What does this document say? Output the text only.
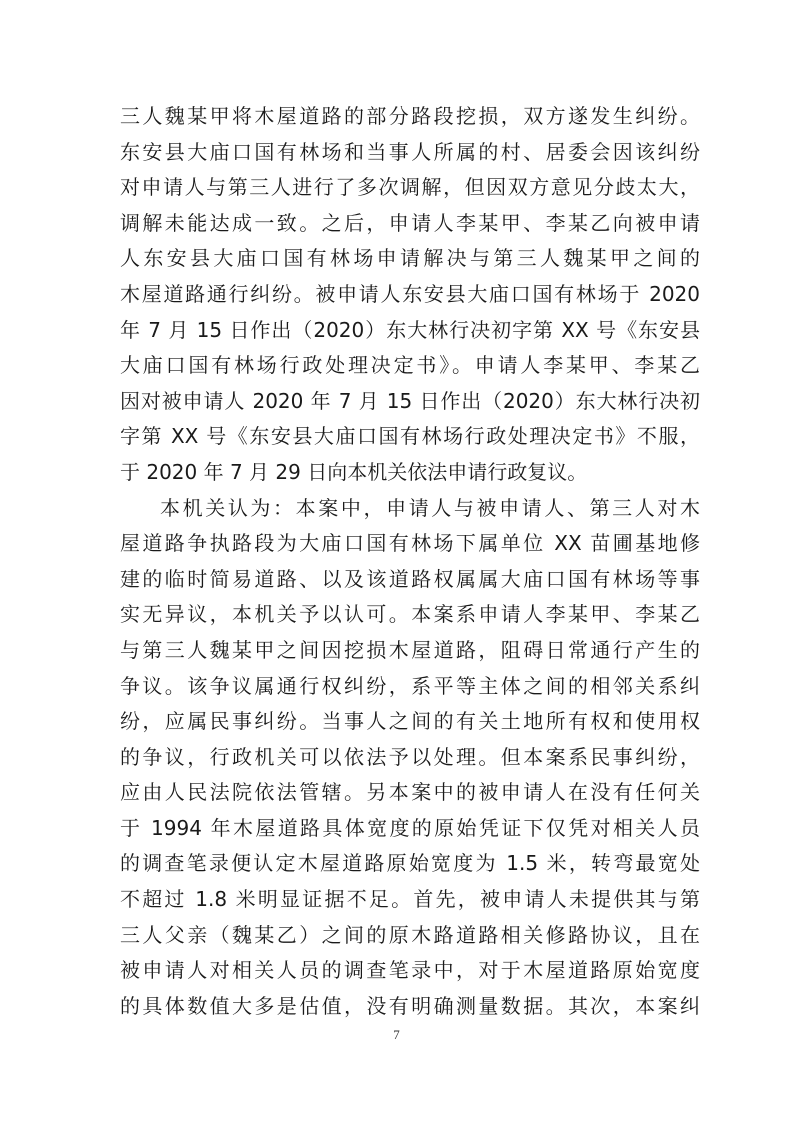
三人魏某甲将木屋道路的部分路段挖损，双方遂发生纠纷。
东安县大庙口国有林场和当事人所属的村、居委会因该纠纷
对申请人与第三人进行了多次调解，但因双方意见分歧太大，
调解未能达成一致。之后，申请人李某甲、李某乙向被申请
人东安县大庙口国有林场申请解决与第三人魏某甲之间的
木屋道路通行纠纷。被申请人东安县大庙口国有林场于 2020
年 7 月 15 日作出（2020）东大林行决初字第 XX 号《东安县
大庙口国有林场行政处理决定书》。申请人李某甲、李某乙
因对被申请人 2020 年 7 月 15 日作出（2020）东大林行决初
字第 XX 号《东安县大庙口国有林场行政处理决定书》不服，
于 2020 年 7 月 29 日向本机关依法申请行政复议。
本机关认为：本案中，申请人与被申请人、第三人对木
屋道路争执路段为大庙口国有林场下属单位 XX 苗圃基地修
建的临时简易道路、以及该道路权属属大庙口国有林场等事
实无异议，本机关予以认可。本案系申请人李某甲、李某乙
与第三人魏某甲之间因挖损木屋道路，阻碍日常通行产生的
争议。该争议属通行权纠纷，系平等主体之间的相邻关系纠
纷，应属民事纠纷。当事人之间的有关土地所有权和使用权
的争议，行政机关可以依法予以处理。但本案系民事纠纷，
应由人民法院依法管辖。另本案中的被申请人在没有任何关
于 1994 年木屋道路具体宽度的原始凭证下仅凭对相关人员
的调查笔录便认定木屋道路原始宽度为 1.5 米，转弯最宽处
不超过 1.8 米明显证据不足。首先，被申请人未提供其与第
三人父亲（魏某乙）之间的原木路道路相关修路协议，且在
被申请人对相关人员的调查笔录中，对于木屋道路原始宽度
的具体数值大多是估值，没有明确测量数据。其次，本案纠
7
